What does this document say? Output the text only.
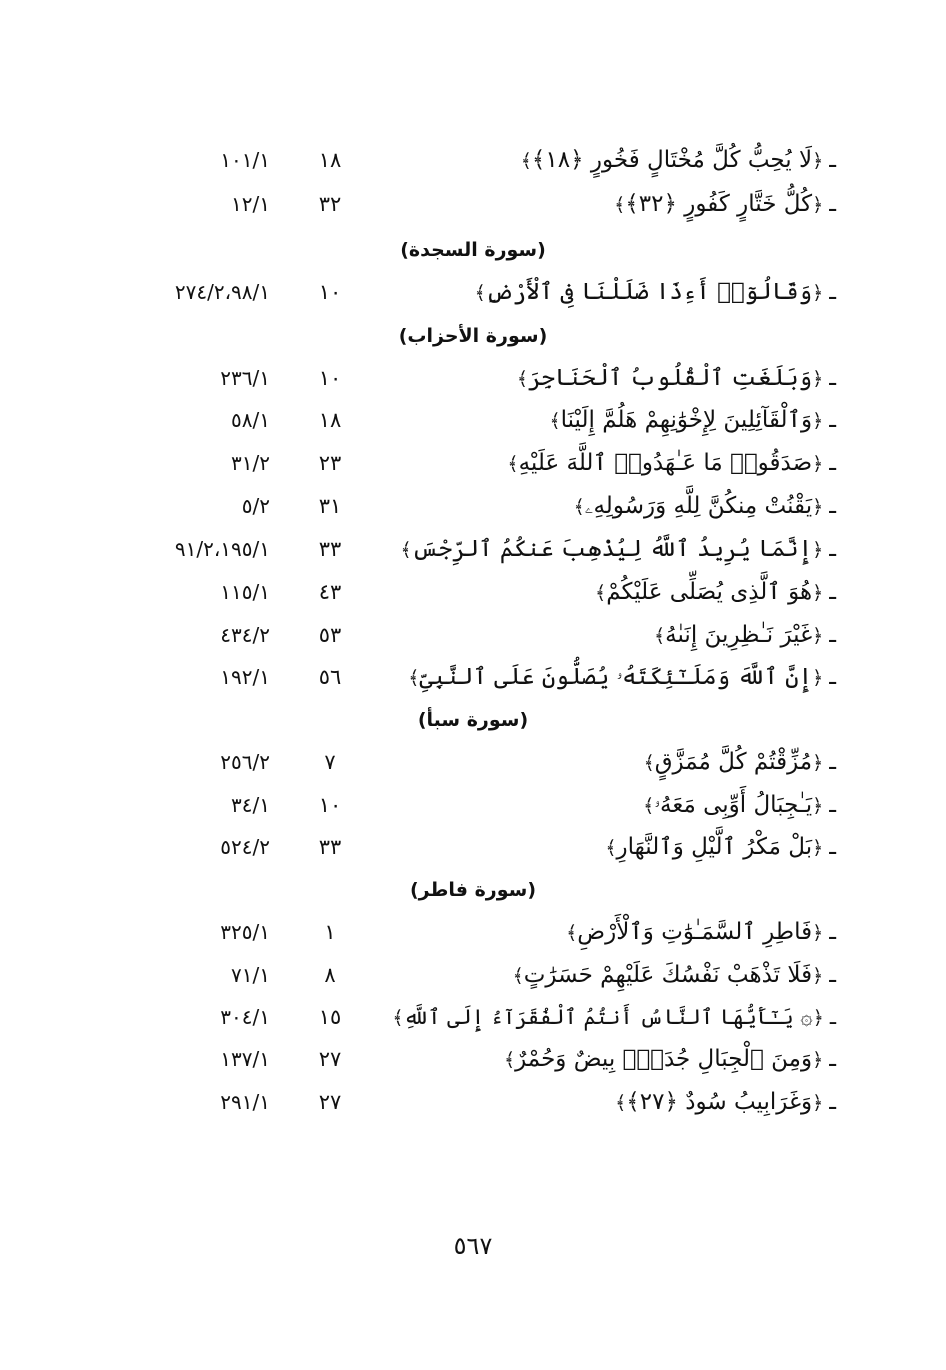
ـ﴿لَا يُحِبُّ كُلَّ مُخْتَالٍ فَخُورٍ ﴿١٨﴾﴾
١٨
١٠١/١
ـ﴿كُلُّ خَتَّارٍ كَفُورٍ ﴿٣٢﴾﴾
٣٢
١٢/١
(سورة السجدة)
ـ﴿وَقَالُوٓا۟ أَءِذَا ضَلَلْنَا فِى ٱلْأَرْضِ﴾
١٠
٢٧٤/٢،٩٨/١
(سورة الأحزاب)
ـ﴿وَبَلَغَتِ ٱلْقُلُوبُ ٱلْحَنَاجِرَ﴾
١٠
٢٣٦/١
ـ﴿وَٱلْقَآئِلِينَ لِإِخْوَٰنِهِمْ هَلُمَّ إِلَيْنَا﴾
١٨
٥٨/١
ـ﴿صَدَقُوا۟ مَا عَـٰهَدُوا۟ ٱللَّهَ عَلَيْهِ﴾
٢٣
٣١/٢
ـ﴿يَقْنُتْ مِنكُنَّ لِلَّهِ وَرَسُولِهِۦ﴾
٣١
٥/٢
ـ﴿إِنَّمَا يُرِيدُ ٱللَّهُ لِيُذْهِبَ عَنكُمُ ٱلرِّجْسَ﴾
٣٣
٩١/٢،١٩٥/١
ـ﴿هُوَ ٱلَّذِى يُصَلِّى عَلَيْكُمْ﴾
٤٣
١١٥/١
ـ﴿غَيْرَ نَـٰظِرِينَ إِنَىٰهُ﴾
٥٣
٤٣٤/٢
ـ﴿إِنَّ ٱللَّهَ وَمَلَـٰٓئِكَتَهُۥ يُصَلُّونَ عَلَى ٱلنَّبِىِّ﴾
٥٦
١٩٢/١
(سورة سبأ)
ـ﴿مُزِّقْتُمْ كُلَّ مُمَزَّقٍ﴾
٧
٢٥٦/٢
ـ﴿يَـٰجِبَالُ أَوِّبِى مَعَهُۥ﴾
١٠
٣٤/١
ـ﴿بَلْ مَكْرُ ٱلَّيْلِ وَٱلنَّهَارِ﴾
٣٣
٥٢٤/٢
(سورة فاطر)
ـ﴿فَاطِرِ ٱلسَّمَـٰوَٰتِ وَٱلْأَرْضِ﴾
١
٣٢٥/١
ـ﴿فَلَا تَذْهَبْ نَفْسُكَ عَلَيْهِمْ حَسَرَٰتٍ﴾
٨
٧١/١
ـ﴿۞ يَـٰٓأَيُّهَا ٱلنَّاسُ أَنتُمُ ٱلْفُقَرَآءُ إِلَى ٱللَّهِ﴾
١٥
٣٠٤/١
ـ﴿وَمِنَ ٱلْجِبَالِ جُدَدٌۢ بِيضٌ وَحُمْرٌ﴾
٢٧
١٣٧/١
ـ﴿وَغَرَابِيبُ سُودٌ ﴿٢٧﴾﴾
٢٧
٢٩١/١
٥٦٧
